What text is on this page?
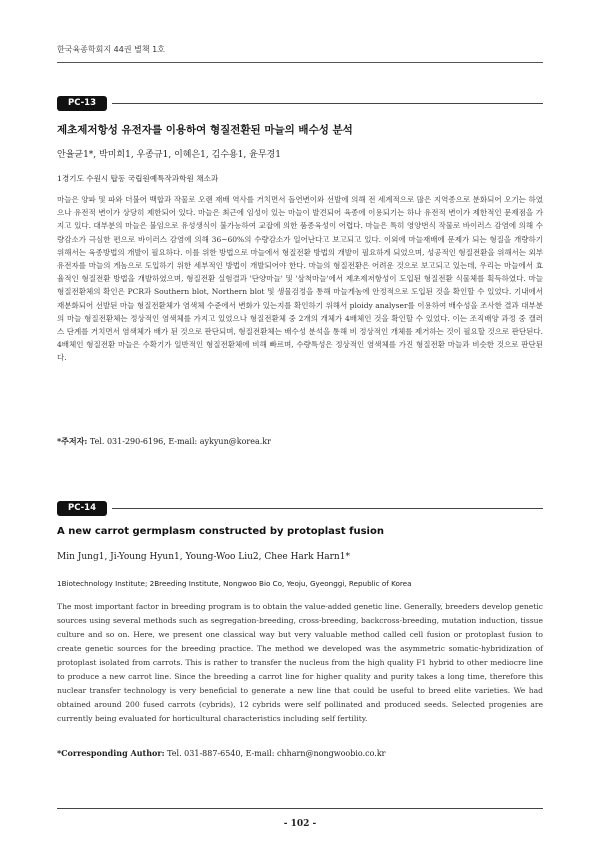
한국육종학회지 44권 별책 1호
PC-13
제초제저항성 유전자를 이용하여 형질전환된 마늘의 배수성 분석
안율균1*, 박미희1, 우종규1, 이혜은1, 김수용1, 윤무경1
1경기도 수원시 탑동 국립원예특작과학원 채소과

마늘은 양파 및 파와 더불어 백합과 작물로 오랜 재배 역사를 거치면서 돌연변이와 선발에 의해 전 세계적으로 많은 지역종으로 분화되어 오기는 하였으나 유전적 변이가 상당히 제한되어 있다. 마늘은 최근에 임성이 있는 마늘이 발견되어 육종에 이용되기는 하나 유전적 변이가 제한적인 문제점을 가지고 있다. 대부분의 마늘은 불임으로 유성생식이 불가능하여 교잡에 의한 품종육성이 어렵다. 마늘은 특히 영양번식 작물로 바이러스 감염에 의해 수량감소가 극심한 편으로 바이러스 감염에 의해 36~60%의 수량감소가 일어난다고 보고되고 있다. 이외에 마늘재배에 문제가 되는 형질을 개량하기 위해서는 육종방법의 개발이 필요하다. 이를 위한 방법으로 마늘에서 형질전환 방법의 개발이 필요하게 되었으며, 성공적인 형질전환을 위해서는 외부 유전자를 마늘의 게놈으로 도입하기 위한 세부적인 방법이 개발되어야 한다. 마늘의 형질전환은 어려운 것으로 보고되고 있는데, 우리는 마늘에서 효율적인 형질전환 방법을 개발하였으며, 형질전환 실험결과 '단양마늘' 및 '삼척마늘'에서 제초제저항성이 도입된 형질전환 식물체를 획득하였다. 마늘 형질전환체의 확인은 PCR과 Southern blot, Northern blot 및 생물검정을 통해 마늘게놈에 안정적으로 도입된 것을 확인할 수 있었다. 기내에서 재분화되어 선발된 마늘 형질전환체가 염색체 수준에서 변화가 있는지를 확인하기 위해서 ploidy analyser를 이용하여 배수성을 조사한 결과 대부분의 마늘 형질전환체는 정상적인 염색체를 가지고 있었으나 형질전환체 중 2개의 개체가 4배체인 것을 확인할 수 있었다. 이는 조직배양 과정 중 캘러스 단계를 거치면서 염색체가 배가 된 것으로 판단되며, 형질전환체는 배수성 분석을 통해 비 정상적인 개체를 제거하는 것이 필요할 것으로 판단된다. 4배체인 형질전환 마늘은 수확기가 일반적인 형질전환체에 비해 빠르며, 수량특성은 정상적인 염색체를 가진 형질전환 마늘과 비슷한 것으로 판단된다.

*주저자: Tel. 031-290-6196, E-mail: aykyun@korea.kr
PC-14
A new carrot germplasm constructed by protoplast fusion
Min Jung1, Ji-Young Hyun1, Young-Woo Liu2, Chee Hark Harn1*
1Biotechnology Institute; 2Breeding Institute, Nongwoo Bio Co, Yeoju, Gyeonggi, Republic of Korea

The most important factor in breeding program is to obtain the value-added genetic line. Generally, breeders develop genetic sources using several methods such as segregation-breeding, cross-breeding, backcross-breeding, mutation induction, tissue culture and so on. Here, we present one classical way but very valuable method called cell fusion or protoplast fusion to create genetic sources for the breeding practice. The method we developed was the asymmetric somatic-hybridization of protoplast isolated from carrots. This is rather to transfer the nucleus from the high quality F1 hybrid to other mediocre line to produce a new carrot line. Since the breeding a carrot line for higher quality and purity takes a long time, therefore this nuclear transfer technology is very beneficial to generate a new line that could be useful to breed elite varieties. We had obtained around 200 fused carrots (cybrids), 12 cybrids were self pollinated and produced seeds. Selected progenies are currently being evaluated for horticultural characteristics including self fertility.

*Corresponding Author: Tel. 031-887-6540, E-mail: chharn@nongwoobio.co.kr
- 102 -
